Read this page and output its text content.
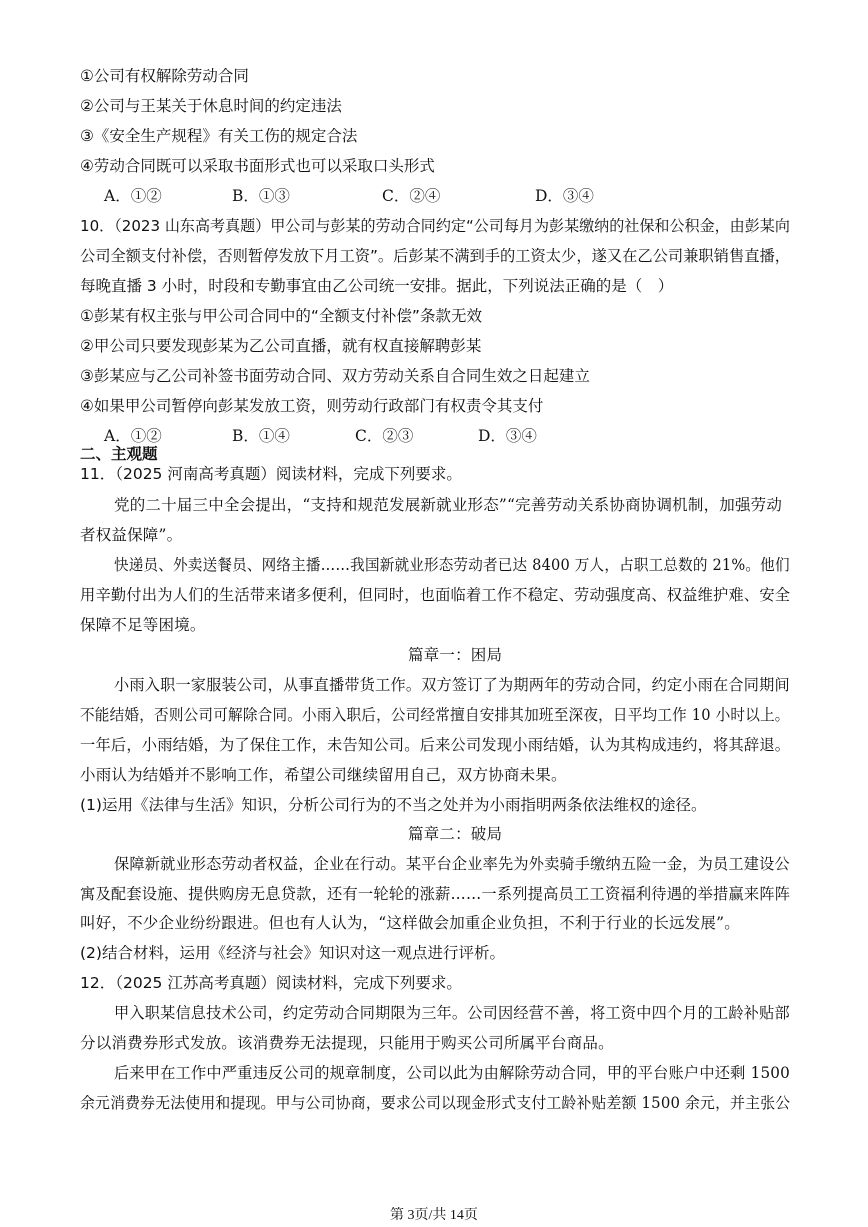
①公司有权解除劳动合同
②公司与王某关于休息时间的约定违法
③《安全生产规程》有关工伤的规定合法
④劳动合同既可以采取书面形式也可以采取口头形式
A．①②	B．①③	C．②④	D．③④
10．（2023 山东高考真题）甲公司与彭某的劳动合同约定“公司每月为彭某缴纳的社保和公积金，由彭某向
公司全额支付补偿，否则暂停发放下月工资”。后彭某不满到手的工资太少，遂又在乙公司兼职销售直播，
每晚直播 3 小时，时段和专勤事宜由乙公司统一安排。据此，下列说法正确的是（　）
①彭某有权主张与甲公司合同中的“全额支付补偿”条款无效
②甲公司只要发现彭某为乙公司直播，就有权直接解聘彭某
③彭某应与乙公司补签书面劳动合同、双方劳动关系自合同生效之日起建立
④如果甲公司暂停向彭某发放工资，则劳动行政部门有权责令其支付
A．①②	B．①④	C．②③	D．③④
二、主观题
11．（2025 河南高考真题）阅读材料，完成下列要求。
党的二十届三中全会提出，“支持和规范发展新就业形态”“完善劳动关系协商协调机制，加强劳动
者权益保障”。
快递员、外卖送餐员、网络主播……我国新就业形态劳动者已达 8400 万人，占职工总数的 21%。他们
用辛勤付出为人们的生活带来诸多便利，但同时，也面临着工作不稳定、劳动强度高、权益维护难、安全
保障不足等困境。
篇章一：困局
小雨入职一家服装公司，从事直播带货工作。双方签订了为期两年的劳动合同，约定小雨在合同期间
不能结婚，否则公司可解除合同。小雨入职后，公司经常擅自安排其加班至深夜，日平均工作 10 小时以上。
一年后，小雨结婚，为了保住工作，未告知公司。后来公司发现小雨结婚，认为其构成违约，将其辞退。
小雨认为结婚并不影响工作，希望公司继续留用自己，双方协商未果。
(1)运用《法律与生活》知识，分析公司行为的不当之处并为小雨指明两条依法维权的途径。
篇章二：破局
保障新就业形态劳动者权益，企业在行动。某平台企业率先为外卖骑手缴纳五险一金，为员工建设公
寓及配套设施、提供购房无息贷款，还有一轮轮的涨薪……一系列提高员工工资福利待遇的举措赢来阵阵
叫好，不少企业纷纷跟进。但也有人认为，“这样做会加重企业负担，不利于行业的长远发展”。
(2)结合材料，运用《经济与社会》知识对这一观点进行评析。
12．（2025 江苏高考真题）阅读材料，完成下列要求。
甲入职某信息技术公司，约定劳动合同期限为三年。公司因经营不善，将工资中四个月的工龄补贴部
分以消费券形式发放。该消费券无法提现，只能用于购买公司所属平台商品。
后来甲在工作中严重违反公司的规章制度，公司以此为由解除劳动合同，甲的平台账户中还剩 1500
余元消费券无法使用和提现。甲与公司协商，要求公司以现金形式支付工龄补贴差额 1500 余元，并主张公
第 3页/共 14页
